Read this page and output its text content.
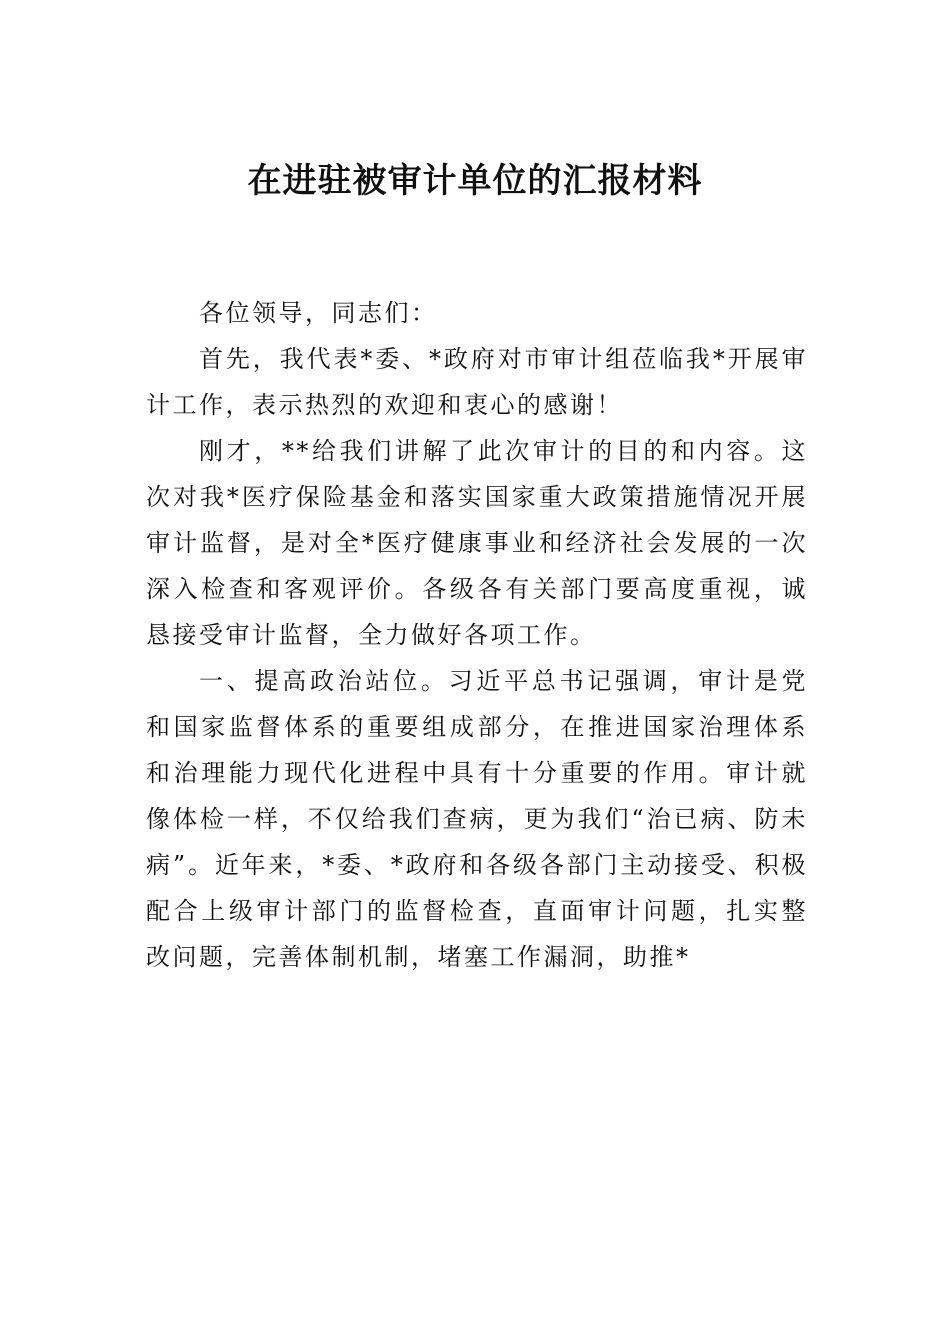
在进驻被审计单位的汇报材料

各位领导，同志们：

首先，我代表*委、*政府对市审计组莅临我*开展审计工作，表示热烈的欢迎和衷心的感谢！

刚才，**给我们讲解了此次审计的目的和内容。这次对我*医疗保险基金和落实国家重大政策措施情况开展审计监督，是对全*医疗健康事业和经济社会发展的一次深入检查和客观评价。各级各有关部门要高度重视，诚恳接受审计监督，全力做好各项工作。

一、提高政治站位。习近平总书记强调，审计是党和国家监督体系的重要组成部分，在推进国家治理体系和治理能力现代化进程中具有十分重要的作用。审计就像体检一样，不仅给我们查病，更为我们“治已病、防未病”。近年来，*委、*政府和各级各部门主动接受、积极配合上级审计部门的监督检查，直面审计问题，扎实整改问题，完善体制机制，堵塞工作漏洞，助推*
